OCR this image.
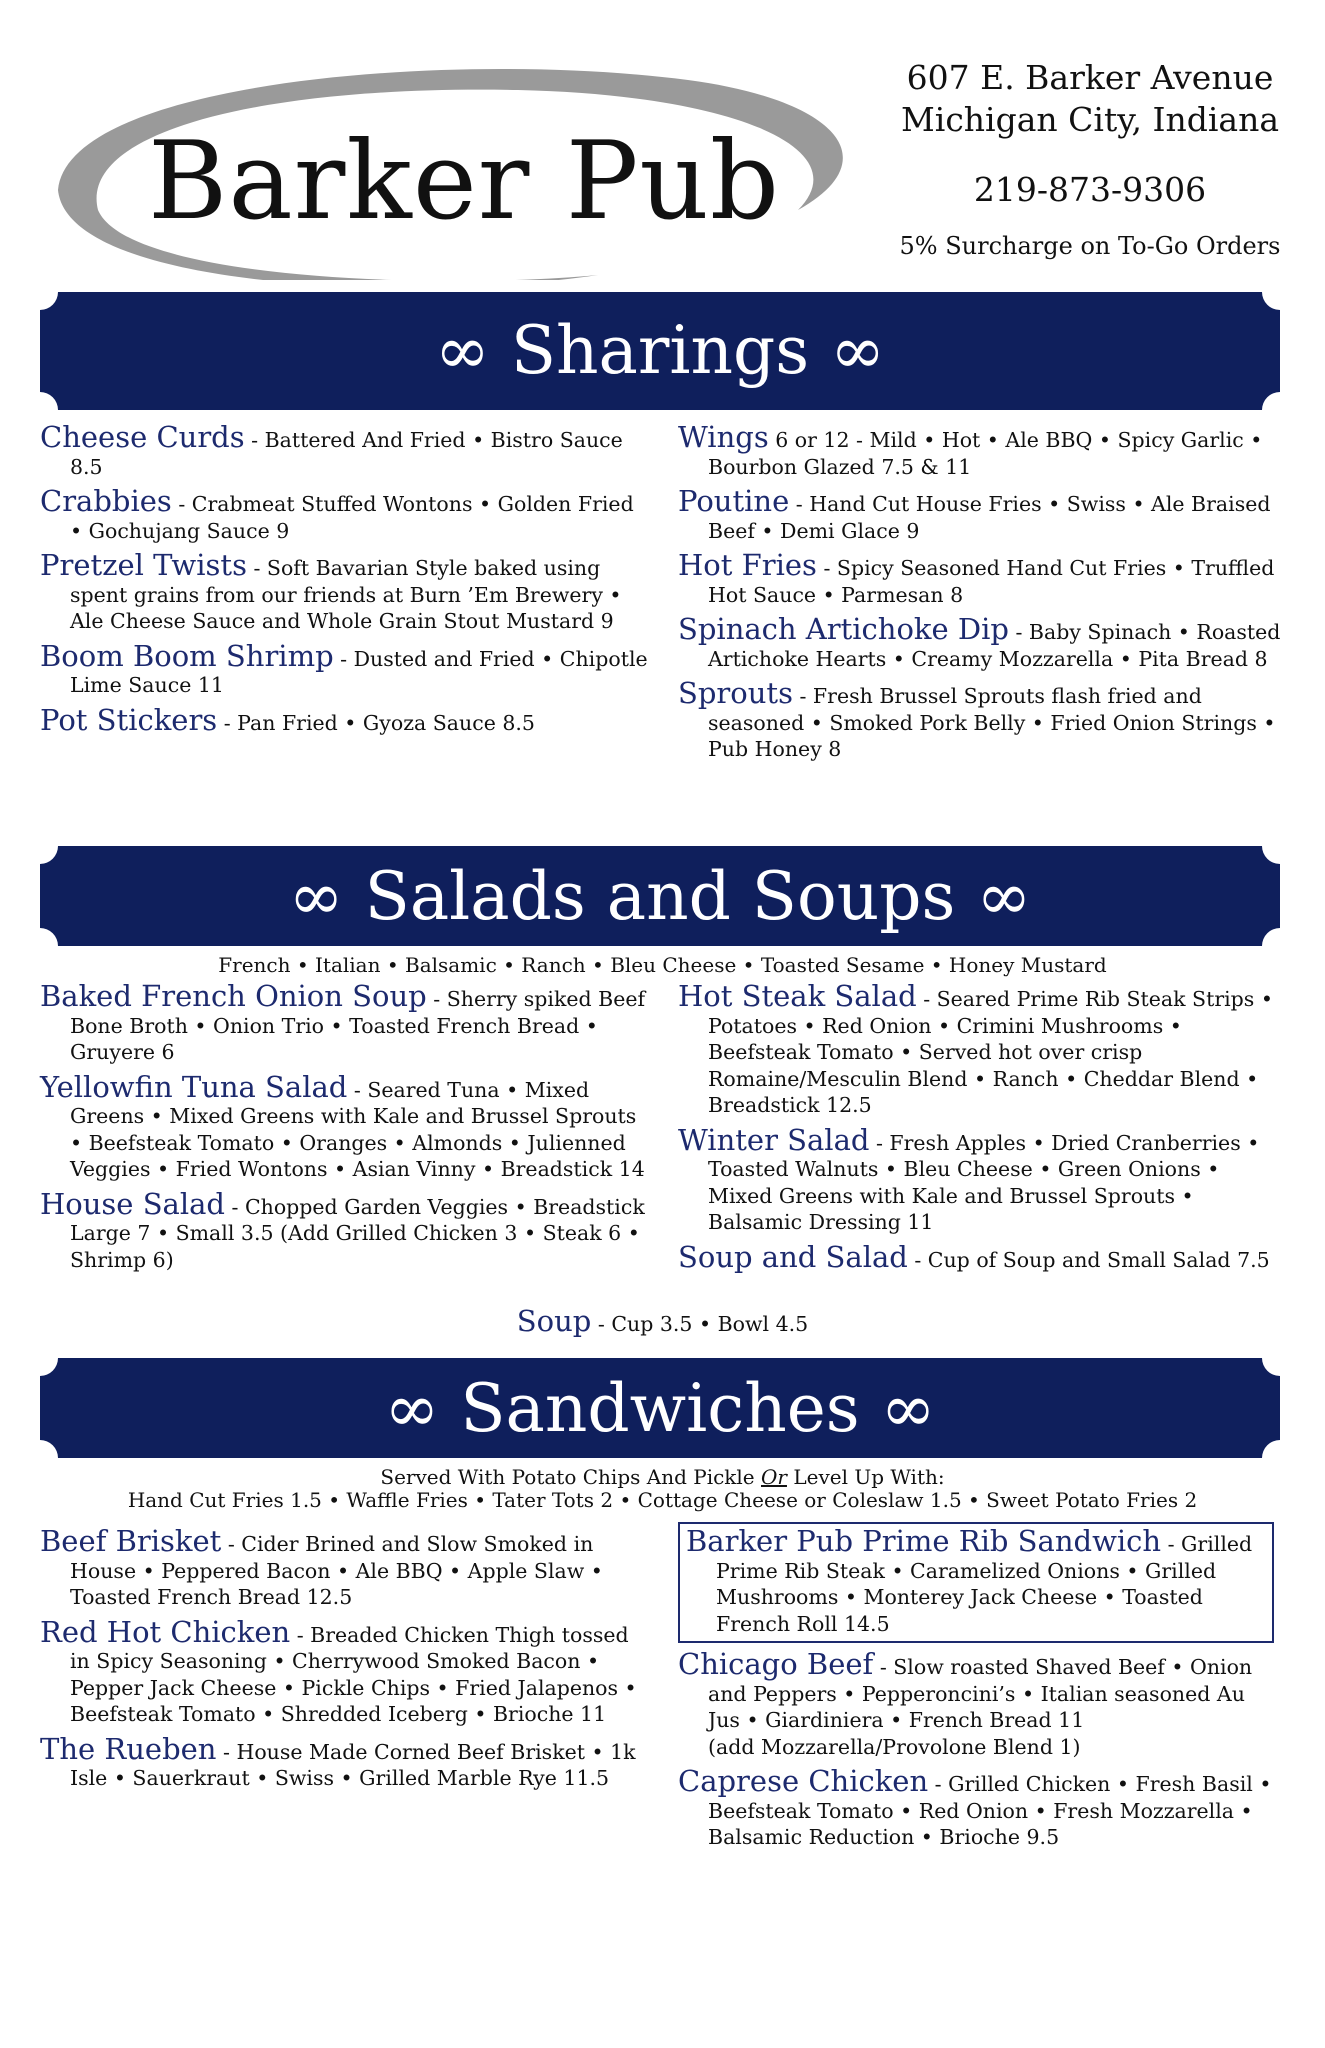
Barker Pub
607 E. Barker Avenue
Michigan City, Indiana
219-873-9306
5% Surcharge on To-Go Orders
∞ Sharings ∞

Cheese Curds - Battered And Fried • Bistro Sauce 8.5

Crabbies - Crabmeat Stuffed Wontons • Golden Fried • Gochujang Sauce 9

Pretzel Twists - Soft Bavarian Style baked using spent grains from our friends at Burn ’Em Brewery • Ale Cheese Sauce and Whole Grain Stout Mustard 9

Boom Boom Shrimp - Dusted and Fried • Chipotle Lime Sauce 11

Pot Stickers - Pan Fried • Gyoza Sauce 8.5

Wings 6 or 12 - Mild • Hot • Ale BBQ • Spicy Garlic • Bourbon Glazed 7.5 & 11

Poutine - Hand Cut House Fries • Swiss • Ale Braised Beef • Demi Glace 9

Hot Fries - Spicy Seasoned Hand Cut Fries • Truffled Hot Sauce • Parmesan 8

Spinach Artichoke Dip - Baby Spinach • Roasted Artichoke Hearts • Creamy Mozzarella • Pita Bread 8

Sprouts - Fresh Brussel Sprouts flash fried and seasoned • Smoked Pork Belly • Fried Onion Strings • Pub Honey 8

∞ Salads and Soups ∞
French • Italian • Balsamic • Ranch • Bleu Cheese • Toasted Sesame • Honey Mustard

Baked French Onion Soup - Sherry spiked Beef Bone Broth • Onion Trio • Toasted French Bread • Gruyere 6

Yellowfin Tuna Salad - Seared Tuna • Mixed Greens • Mixed Greens with Kale and Brussel Sprouts • Beefsteak Tomato • Oranges • Almonds • Julienned Veggies • Fried Wontons • Asian Vinny • Breadstick 14

House Salad - Chopped Garden Veggies • Breadstick Large 7 • Small 3.5 (Add Grilled Chicken 3 • Steak 6 • Shrimp 6)

Hot Steak Salad - Seared Prime Rib Steak Strips • Potatoes • Red Onion • Crimini Mushrooms • Beefsteak Tomato • Served hot over crisp Romaine/Mesculin Blend • Ranch • Cheddar Blend • Breadstick 12.5

Winter Salad - Fresh Apples • Dried Cranberries • Toasted Walnuts • Bleu Cheese • Green Onions • Mixed Greens with Kale and Brussel Sprouts • Balsamic Dressing 11

Soup and Salad - Cup of Soup and Small Salad 7.5

Soup - Cup 3.5 • Bowl 4.5
∞ Sandwiches ∞
Served With Potato Chips And Pickle Or Level Up With:
Hand Cut Fries 1.5 • Waffle Fries • Tater Tots 2 • Cottage Cheese or Coleslaw 1.5 • Sweet Potato Fries 2

Beef Brisket - Cider Brined and Slow Smoked in House • Peppered Bacon • Ale BBQ • Apple Slaw • Toasted French Bread 12.5

Red Hot Chicken - Breaded Chicken Thigh tossed in Spicy Seasoning • Cherrywood Smoked Bacon • Pepper Jack Cheese • Pickle Chips • Fried Jalapenos • Beefsteak Tomato • Shredded Iceberg • Brioche 11

The Rueben - House Made Corned Beef Brisket • 1k Isle • Sauerkraut • Swiss • Grilled Marble Rye 11.5

Barker Pub Prime Rib Sandwich - Grilled Prime Rib Steak • Caramelized Onions • Grilled Mushrooms • Monterey Jack Cheese • Toasted French Roll 14.5

Chicago Beef - Slow roasted Shaved Beef • Onion and Peppers • Pepperoncini’s • Italian seasoned Au Jus • Giardiniera • French Bread 11
(add Mozzarella/Provolone Blend 1)

Caprese Chicken - Grilled Chicken • Fresh Basil • Beefsteak Tomato • Red Onion • Fresh Mozzarella • Balsamic Reduction • Brioche 9.5
